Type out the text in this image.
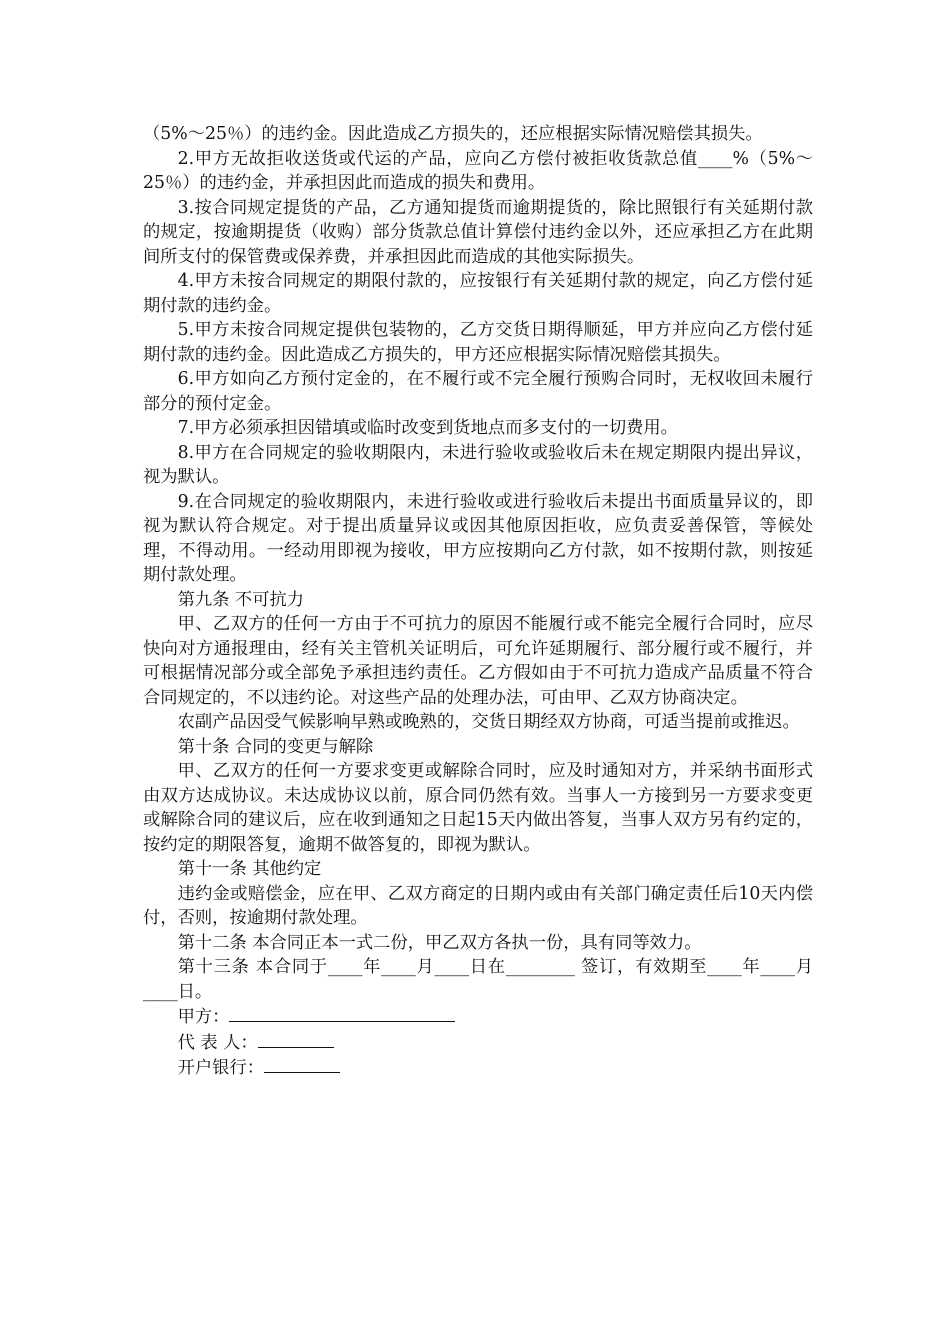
（5%～25％）的违约金。因此造成乙方损失的，还应根据实际情况赔偿其损失。

2.甲方无故拒收送货或代运的产品，应向乙方偿付被拒收货款总值____%（5%～25％）的违约金，并承担因此而造成的损失和费用。

3.按合同规定提货的产品，乙方通知提货而逾期提货的，除比照银行有关延期付款的规定，按逾期提货（收购）部分货款总值计算偿付违约金以外，还应承担乙方在此期间所支付的保管费或保养费，并承担因此而造成的其他实际损失。

4.甲方未按合同规定的期限付款的，应按银行有关延期付款的规定，向乙方偿付延期付款的违约金。

5.甲方未按合同规定提供包装物的，乙方交货日期得顺延，甲方并应向乙方偿付延期付款的违约金。因此造成乙方损失的，甲方还应根据实际情况赔偿其损失。

6.甲方如向乙方预付定金的，在不履行或不完全履行预购合同时，无权收回未履行部分的预付定金。

7.甲方必须承担因错填或临时改变到货地点而多支付的一切费用。

8.甲方在合同规定的验收期限内，未进行验收或验收后未在规定期限内提出异议，视为默认。

9.在合同规定的验收期限内，未进行验收或进行验收后未提出书面质量异议的，即视为默认符合规定。对于提出质量异议或因其他原因拒收，应负责妥善保管，等候处理，不得动用。一经动用即视为接收，甲方应按期向乙方付款，如不按期付款，则按延期付款处理。

第九条 不可抗力

甲、乙双方的任何一方由于不可抗力的原因不能履行或不能完全履行合同时，应尽快向对方通报理由，经有关主管机关证明后，可允许延期履行、部分履行或不履行，并可根据情况部分或全部免予承担违约责任。乙方假如由于不可抗力造成产品质量不符合合同规定的，不以违约论。对这些产品的处理办法，可由甲、乙双方协商决定。

农副产品因受气候影响早熟或晚熟的，交货日期经双方协商，可适当提前或推迟。

第十条 合同的变更与解除

甲、乙双方的任何一方要求变更或解除合同时，应及时通知对方，并采纳书面形式由双方达成协议。未达成协议以前，原合同仍然有效。当事人一方接到另一方要求变更或解除合同的建议后，应在收到通知之日起15天内做出答复，当事人双方另有约定的，按约定的期限答复，逾期不做答复的，即视为默认。

第十一条 其他约定

违约金或赔偿金，应在甲、乙双方商定的日期内或由有关部门确定责任后10天内偿付，否则，按逾期付款处理。

第十二条 本合同正本一式二份，甲乙双方各执一份，具有同等效力。

第十三条 本合同于____年____月____日在________ 签订，有效期至____年____月____日。

甲方：

代 表 人：

开户银行：
